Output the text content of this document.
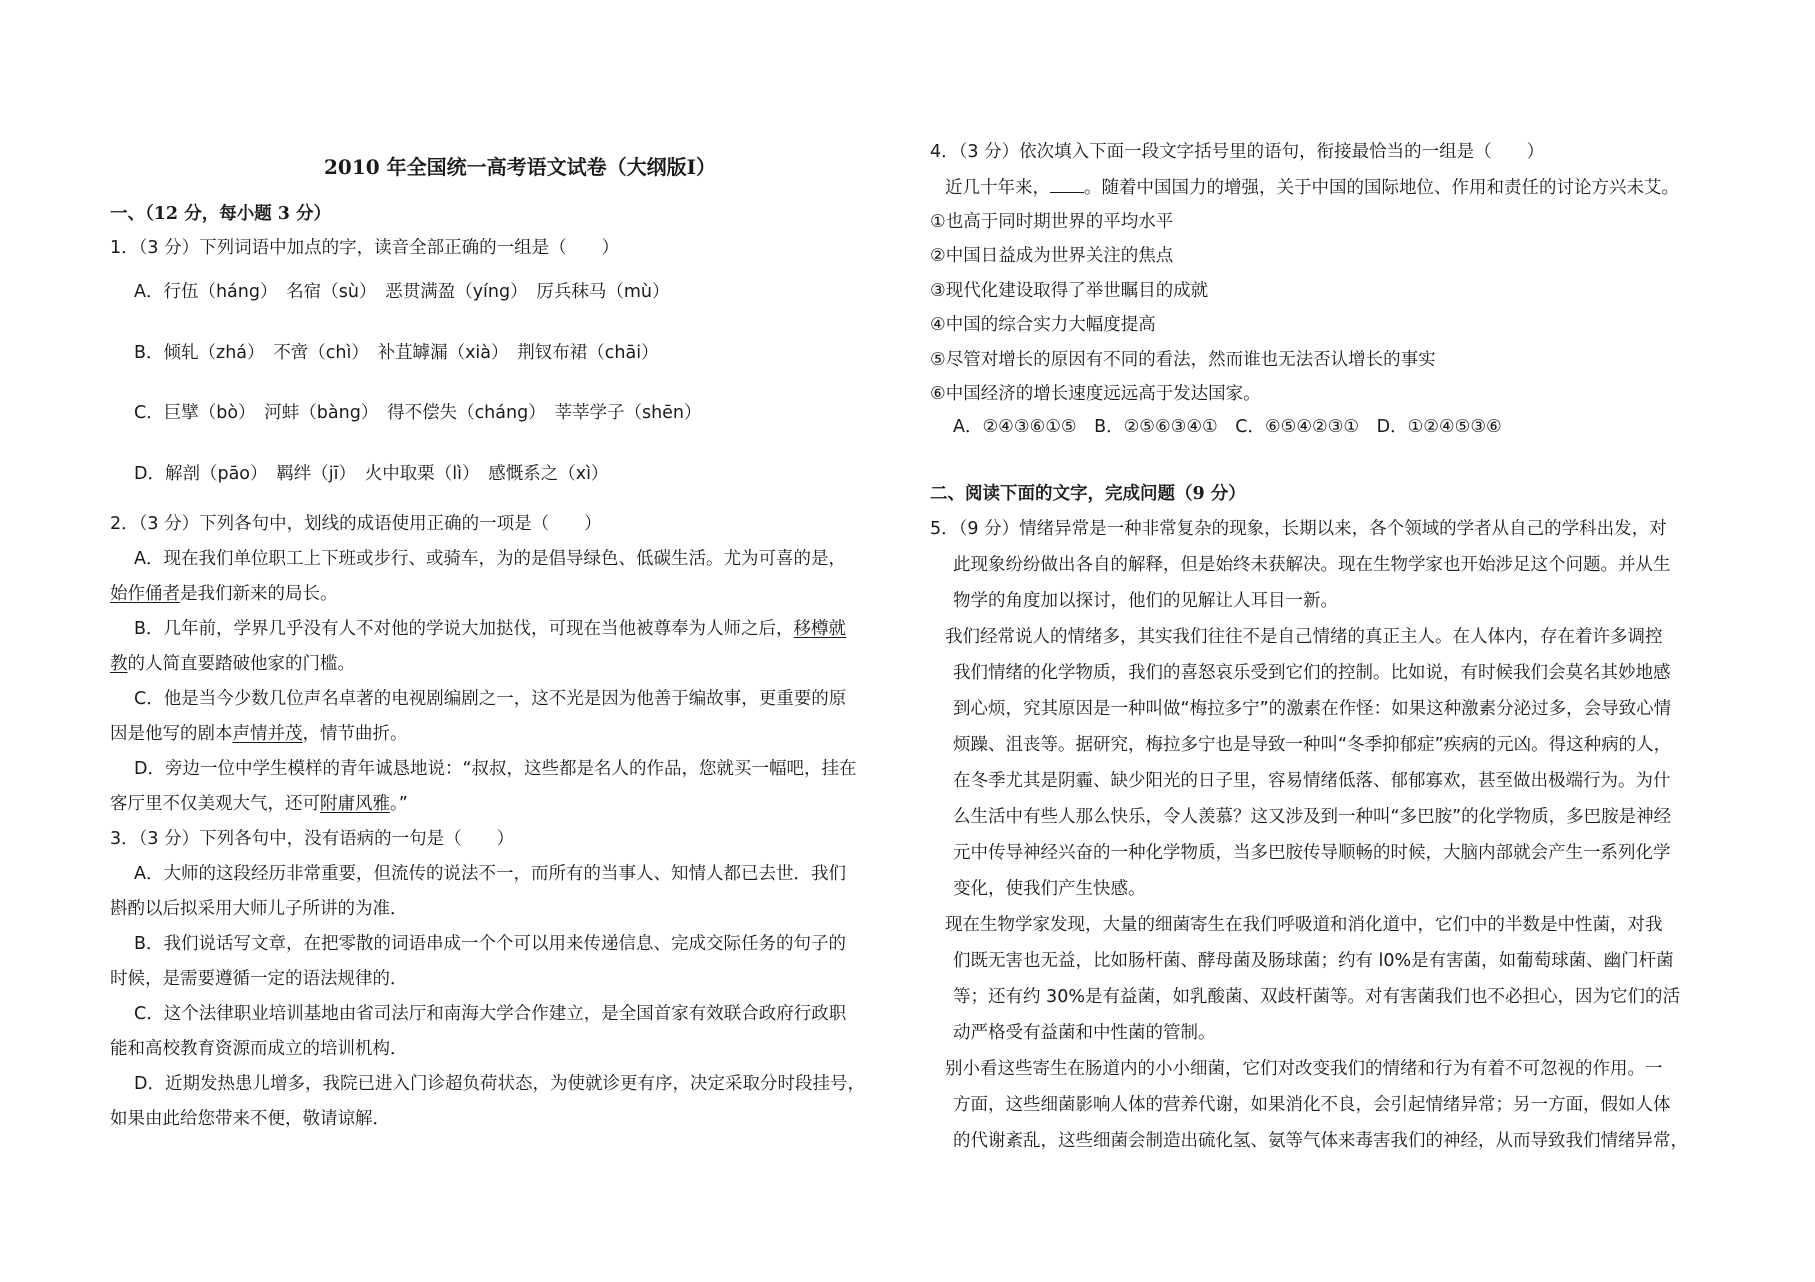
2010 年全国统一高考语文试卷（大纲版I）
一、（12 分，每小题 3 分）
1．（3 分）下列词语中加点的字，读音全部正确的一组是（　　）
A．行伍（háng）　名宿（sù）　恶贯满盈（yíng）　厉兵秣马（mù）
B．倾轧（zhá）　不啻（chì）　补苴罅漏（xià）　荆钗布裙（chāi）
C．巨擘（bò）　河蚌（bàng）　得不偿失（cháng）　莘莘学子（shēn）
D．解剖（pāo）　羁绊（jī）　火中取栗（lì）　感慨系之（xì）
2．（3 分）下列各句中，划线的成语使用正确的一项是（　　）
A．现在我们单位职工上下班或步行、或骑车，为的是倡导绿色、低碳生活。尤为可喜的是，
始作俑者是我们新来的局长。
B．几年前，学界几乎没有人不对他的学说大加挞伐，可现在当他被尊奉为人师之后，移樽就
教的人简直要踏破他家的门槛。
C．他是当今少数几位声名卓著的电视剧编剧之一，这不光是因为他善于编故事，更重要的原
因是他写的剧本声情并茂，情节曲折。
D．旁边一位中学生模样的青年诚恳地说：“叔叔，这些都是名人的作品，您就买一幅吧，挂在
客厅里不仅美观大气，还可附庸风雅。”
3．（3 分）下列各句中，没有语病的一句是（　　）
A．大师的这段经历非常重要，但流传的说法不一，而所有的当事人、知情人都已去世．我们
斟酌以后拟采用大师儿子所讲的为准．
B．我们说话写文章，在把零散的词语串成一个个可以用来传递信息、完成交际任务的句子的
时候，是需要遵循一定的语法规律的．
C．这个法律职业培训基地由省司法厅和南海大学合作建立，是全国首家有效联合政府行政职
能和高校教育资源而成立的培训机构．
D．近期发热患儿增多，我院已进入门诊超负荷状态，为使就诊更有序，决定采取分时段挂号，
如果由此给您带来不便，敬请谅解．
4．（3 分）依次填入下面一段文字括号里的语句，衔接最恰当的一组是（　　）
近几十年来， 。随着中国国力的增强，关于中国的国际地位、作用和责任的讨论方兴未艾。
①也高于同时期世界的平均水平
②中国日益成为世界关注的焦点
③现代化建设取得了举世瞩目的成就
④中国的综合实力大幅度提高
⑤尽管对增长的原因有不同的看法，然而谁也无法否认增长的事实
⑥中国经济的增长速度远远高于发达国家。
A．②④③⑥①⑤　B．②⑤⑥③④①　C．⑥⑤④②③①　D．①②④⑤③⑥
二、阅读下面的文字，完成问题（9 分）
5．（9 分）情绪异常是一种非常复杂的现象，长期以来，各个领域的学者从自己的学科出发，对
此现象纷纷做出各自的解释，但是始终未获解决。现在生物学家也开始涉足这个问题。并从生
物学的角度加以探讨，他们的见解让人耳目一新。
我们经常说人的情绪多，其实我们往往不是自己情绪的真正主人。在人体内，存在着许多调控
我们情绪的化学物质，我们的喜怒哀乐受到它们的控制。比如说，有时候我们会莫名其妙地感
到心烦，究其原因是一种叫做“梅拉多宁”的激素在作怪：如果这种激素分泌过多，会导致心情
烦躁、沮丧等。据研究，梅拉多宁也是导致一种叫“冬季抑郁症”疾病的元凶。得这种病的人，
在冬季尤其是阴霾、缺少阳光的日子里，容易情绪低落、郁郁寡欢，甚至做出极端行为。为什
么生活中有些人那么快乐，令人羡慕？这又涉及到一种叫“多巴胺”的化学物质，多巴胺是神经
元中传导神经兴奋的一种化学物质，当多巴胺传导顺畅的时候，大脑内部就会产生一系列化学
变化，使我们产生快感。
现在生物学家发现，大量的细菌寄生在我们呼吸道和消化道中，它们中的半数是中性菌，对我
们既无害也无益，比如肠杆菌、酵母菌及肠球菌；约有 l0%是有害菌，如葡萄球菌、幽门杆菌
等；还有约 30%是有益菌，如乳酸菌、双歧杆菌等。对有害菌我们也不必担心，因为它们的活
动严格受有益菌和中性菌的管制。
别小看这些寄生在肠道内的小小细菌，它们对改变我们的情绪和行为有着不可忽视的作用。一
方面，这些细菌影响人体的营养代谢，如果消化不良，会引起情绪异常；另一方面，假如人体
的代谢紊乱，这些细菌会制造出硫化氢、氨等气体来毒害我们的神经，从而导致我们情绪异常，
